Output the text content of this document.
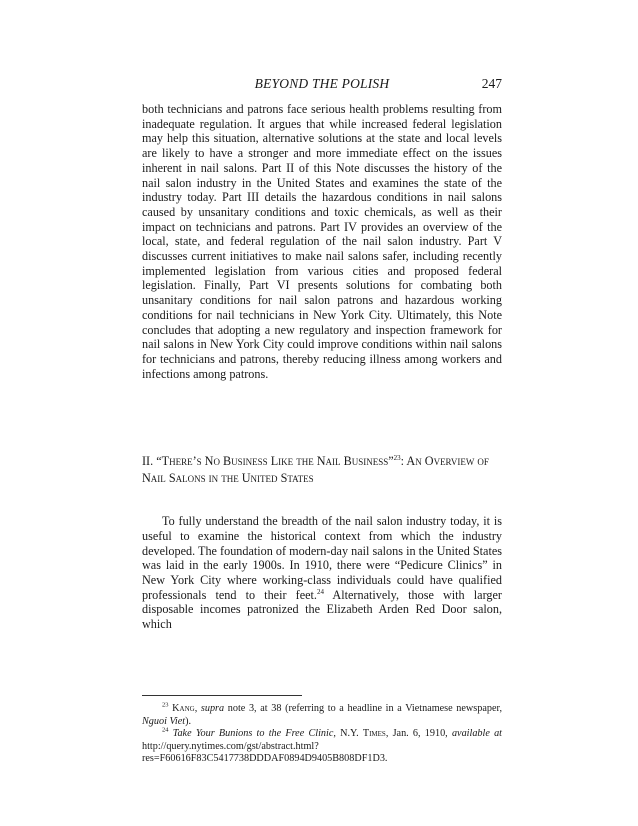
BEYOND THE POLISH	247

both technicians and patrons face serious health problems resulting from inadequate regulation. It argues that while increased federal legislation may help this situation, alternative solutions at the state and local levels are likely to have a stronger and more immediate effect on the issues inherent in nail salons. Part II of this Note discusses the history of the nail salon industry in the United States and examines the state of the industry today. Part III details the hazardous conditions in nail salons caused by unsanitary conditions and toxic chemicals, as well as their impact on technicians and patrons. Part IV provides an overview of the local, state, and federal regulation of the nail salon industry. Part V discusses current initiatives to make nail salons safer, including recently implemented legislation from various cities and proposed federal legislation. Finally, Part VI presents solutions for combating both unsanitary conditions for nail salon patrons and hazardous working conditions for nail technicians in New York City. Ultimately, this Note concludes that adopting a new regulatory and inspection framework for nail salons in New York City could improve conditions within nail salons for technicians and patrons, thereby reducing illness among workers and infections among patrons.

II. “There’s No Business Like the Nail Business”$^{23}$: An Overview of Nail Salons in the United States

To fully understand the breadth of the nail salon industry today, it is useful to examine the historical context from which the industry developed. The foundation of modern-day nail salons in the United States was laid in the early 1900s. In 1910, there were “Pedicure Clinics” in New York City where working-class individuals could have qualified professionals tend to their feet.$^{24}$ Alternatively, those with larger disposable incomes patronized the Elizabeth Arden Red Door salon, which

$^{23}$ Kang, supra note 3, at 38 (referring to a headline in a Vietnamese newspaper, Nguoi Viet).

$^{24}$ Take Your Bunions to the Free Clinic, N.Y. Times, Jan. 6, 1910, available at http://query.nytimes.com/gst/abstract.html?res=F60616F83C5417738DDDAF0894D9405B808DF1D3.
